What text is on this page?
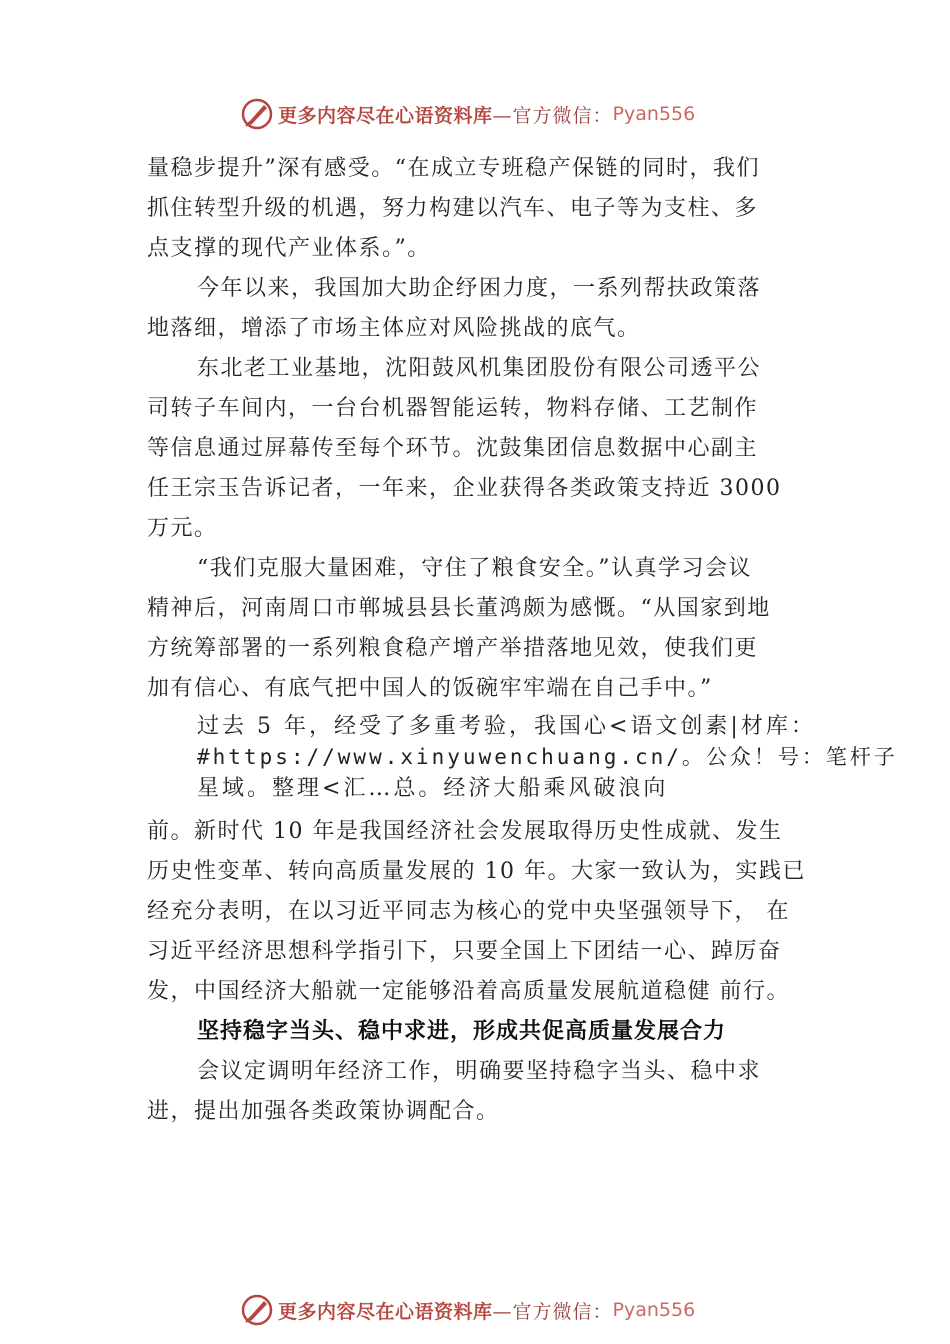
更多内容尽在心语资料库 —官方微信： Pyan556

量稳步提升”深有感受。“在成立专班稳产保链的同时，我们

抓住转型升级的机遇，努力构建以汽车、电子等为支柱、多

点支撑的现代产业体系。”。

今年以来，我国加大助企纾困力度，一系列帮扶政策落

地落细，增添了市场主体应对风险挑战的底气。

东北老工业基地，沈阳鼓风机集团股份有限公司透平公

司转子车间内，一台台机器智能运转，物料存储、工艺制作

等信息通过屏幕传至每个环节。沈鼓集团信息数据中心副主

任王宗玉告诉记者，一年来，企业获得各类政策支持近 3000

万元。

“我们克服大量困难，守住了粮食安全。”认真学习会议

精神后，河南周口市郸城县县长董鸿颇为感慨。“从国家到地

方统筹部署的一系列粮食稳产增产举措落地见效，使我们更

加有信心、有底气把中国人的饭碗牢牢端在自己手中。”

过去 5 年，经受了多重考验，我国心<语文创素|材库：

#https://www.xinyuwenchuang.cn/。公众！号：笔杆子

星域。整理<汇…总。经济大船乘风破浪向

前。新时代 10 年是我国经济社会发展取得历史性成就、发生

历史性变革、转向高质量发展的 10 年。大家一致认为，实践已

经充分表明，在以习近平同志为核心的党中央坚强领导下， 在

习近平经济思想科学指引下，只要全国上下团结一心、踔厉奋

发，中国经济大船就一定能够沿着高质量发展航道稳健 前行。

坚持稳字当头、稳中求进，形成共促高质量发展合力

会议定调明年经济工作，明确要坚持稳字当头、稳中求

进，提出加强各类政策协调配合。

更多内容尽在心语资料库 —官方微信： Pyan556
